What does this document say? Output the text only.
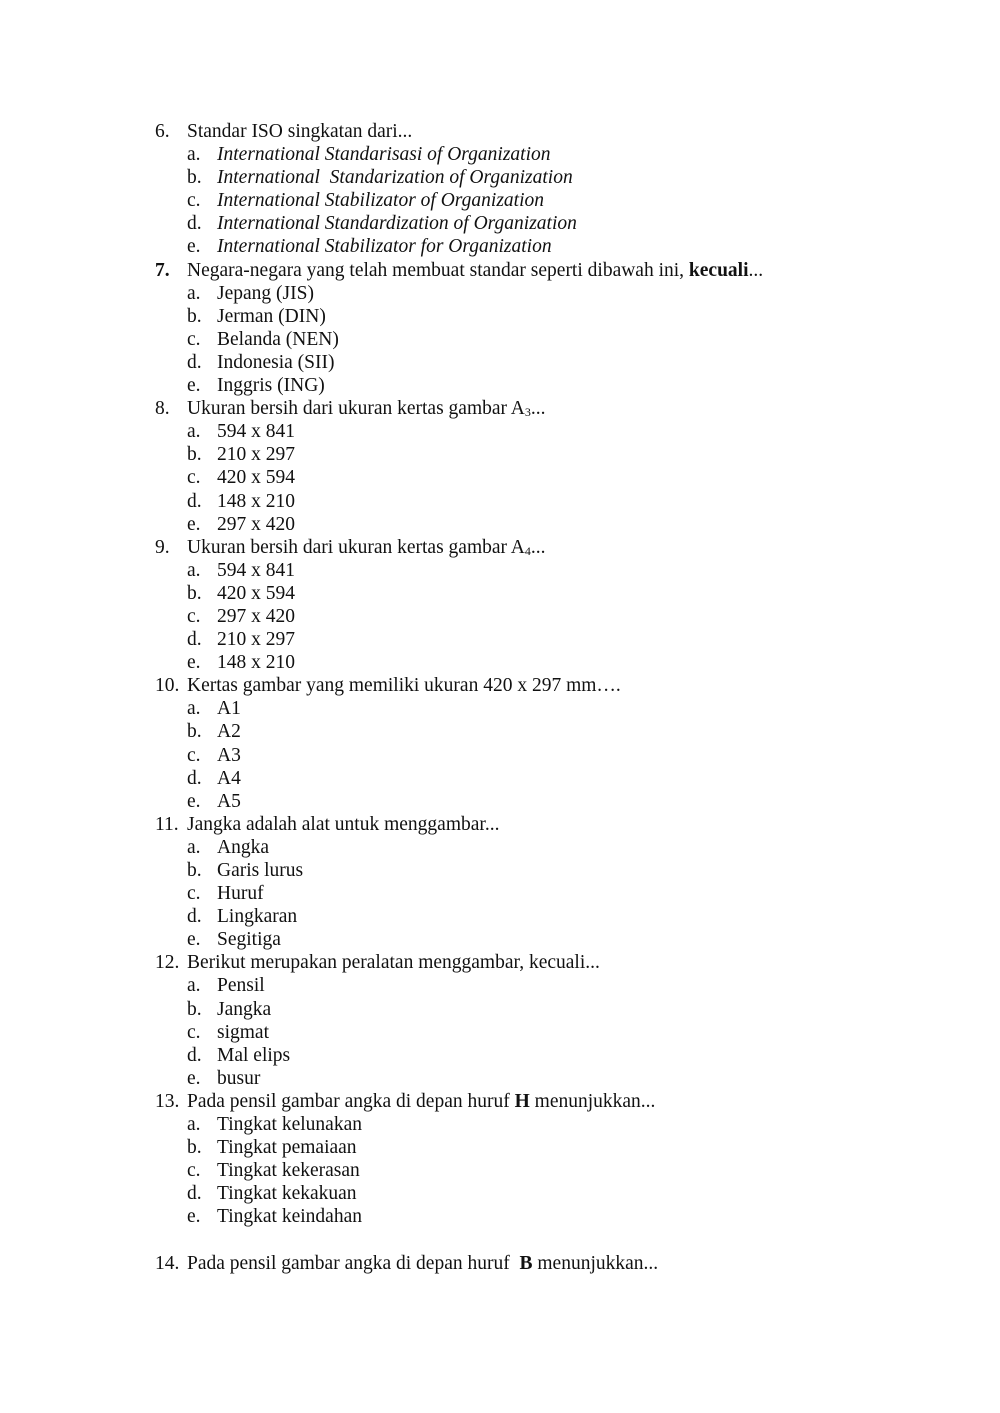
6. Standar ISO singkatan dari...
a. International Standarisasi of Organization
b. International  Standarization of Organization
c. International Stabilizator of Organization
d. International Standardization of Organization
e. International Stabilizator for Organization
7. Negara-negara yang telah membuat standar seperti dibawah ini, kecuali...
a. Jepang (JIS)
b. Jerman (DIN)
c. Belanda (NEN)
d. Indonesia (SII)
e. Inggris (ING)
8. Ukuran bersih dari ukuran kertas gambar $A_3$...
a. 594 x 841
b. 210 x 297
c. 420 x 594
d. 148 x 210
e. 297 x 420
9. Ukuran bersih dari ukuran kertas gambar $A_4$...
a. 594 x 841
b. 420 x 594
c. 297 x 420
d. 210 x 297
e. 148 x 210
10. Kertas gambar yang memiliki ukuran 420 x 297 mm….
a. A1
b. A2
c. A3
d. A4
e. A5
11. Jangka adalah alat untuk menggambar...
a. Angka
b. Garis lurus
c. Huruf
d. Lingkaran
e. Segitiga
12. Berikut merupakan peralatan menggambar, kecuali...
a. Pensil
b. Jangka
c. sigmat
d. Mal elips
e. busur
13. Pada pensil gambar angka di depan huruf H menunjukkan...
a. Tingkat kelunakan
b. Tingkat pemaiaan
c. Tingkat kekerasan
d. Tingkat kekakuan
e. Tingkat keindahan
14. Pada pensil gambar angka di depan huruf  B menunjukkan...
